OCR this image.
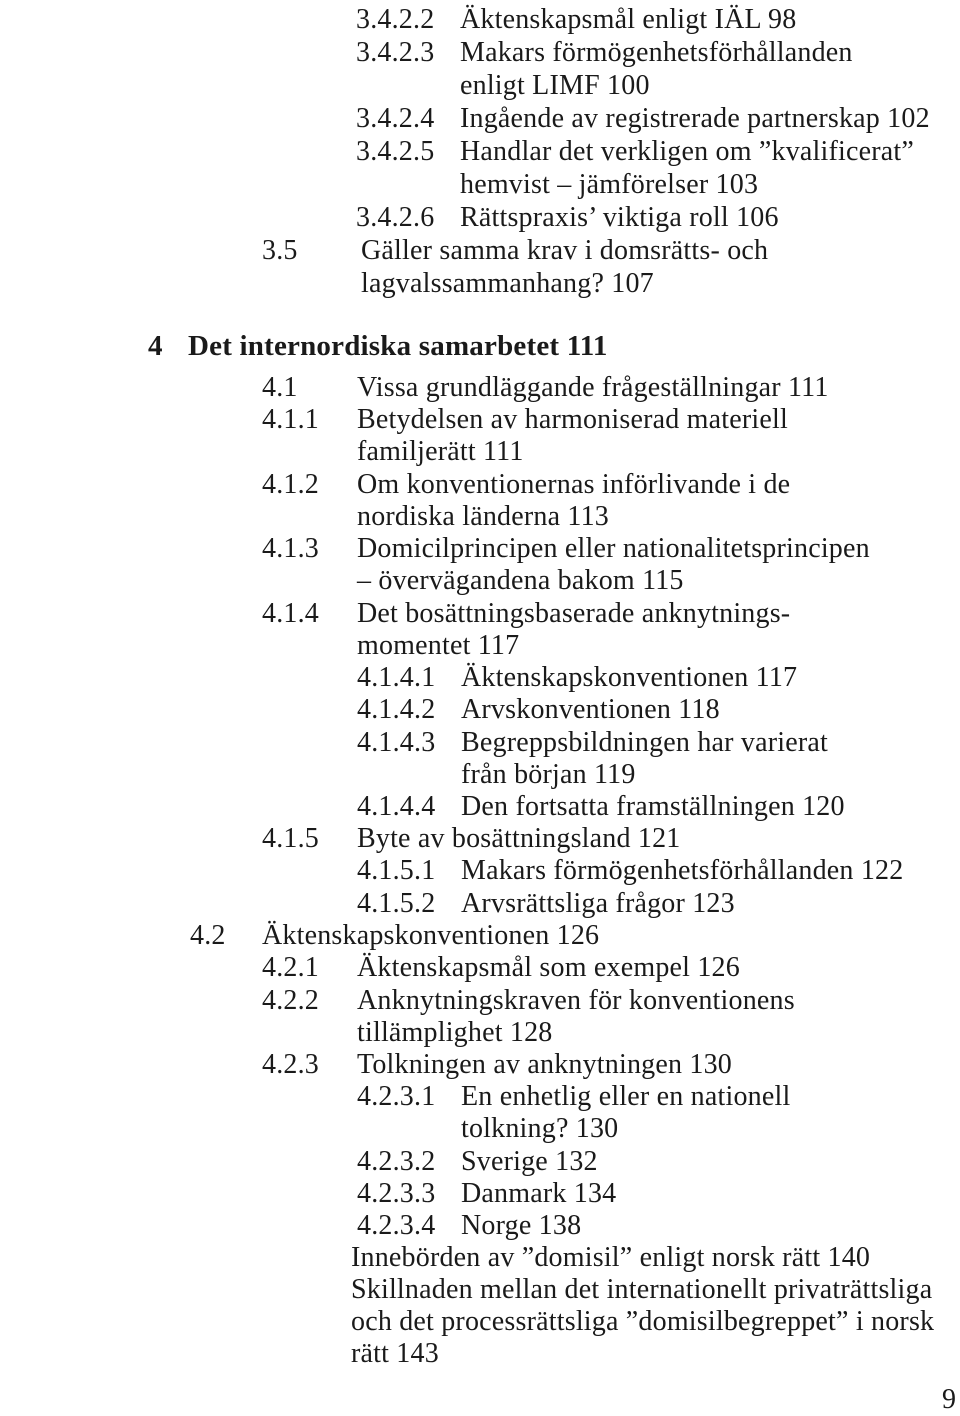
3.4.2.2 Äktenskapsmål enligt IÄL 98
3.4.2.3 Makars förmögenhetsförhållanden
enligt LIMF 100
3.4.2.4 Ingående av registrerade partnerskap 102
3.4.2.5 Handlar det verkligen om ”kvalificerat”
hemvist – jämförelser 103
3.4.2.6 Rättspraxis’ viktiga roll 106
3.5 Gäller samma krav i domsrätts- och
lagvalssammanhang? 107
4 Det internordiska samarbetet 111
4.1 Vissa grundläggande frågeställningar 111
4.1.1 Betydelsen av harmoniserad materiell
familjerätt 111
4.1.2 Om konventionernas införlivande i de
nordiska länderna 113
4.1.3 Domicilprincipen eller nationalitetsprincipen
– övervägandena bakom 115
4.1.4 Det bosättningsbaserade anknytnings-
momentet 117
4.1.4.1 Äktenskapskonventionen 117
4.1.4.2 Arvskonventionen 118
4.1.4.3 Begreppsbildningen har varierat
från början 119
4.1.4.4 Den fortsatta framställningen 120
4.1.5 Byte av bosättningsland 121
4.1.5.1 Makars förmögenhetsförhållanden 122
4.1.5.2 Arvsrättsliga frågor 123
4.2 Äktenskapskonventionen 126
4.2.1 Äktenskapsmål som exempel 126
4.2.2 Anknytningskraven för konventionens
tillämplighet 128
4.2.3 Tolkningen av anknytningen 130
4.2.3.1 En enhetlig eller en nationell
tolkning? 130
4.2.3.2 Sverige 132
4.2.3.3 Danmark 134
4.2.3.4 Norge 138
Innebörden av ”domisil” enligt norsk rätt 140
Skillnaden mellan det internationellt privaträttsliga
och det processrättsliga ”domisilbegreppet” i norsk
rätt 143
9
